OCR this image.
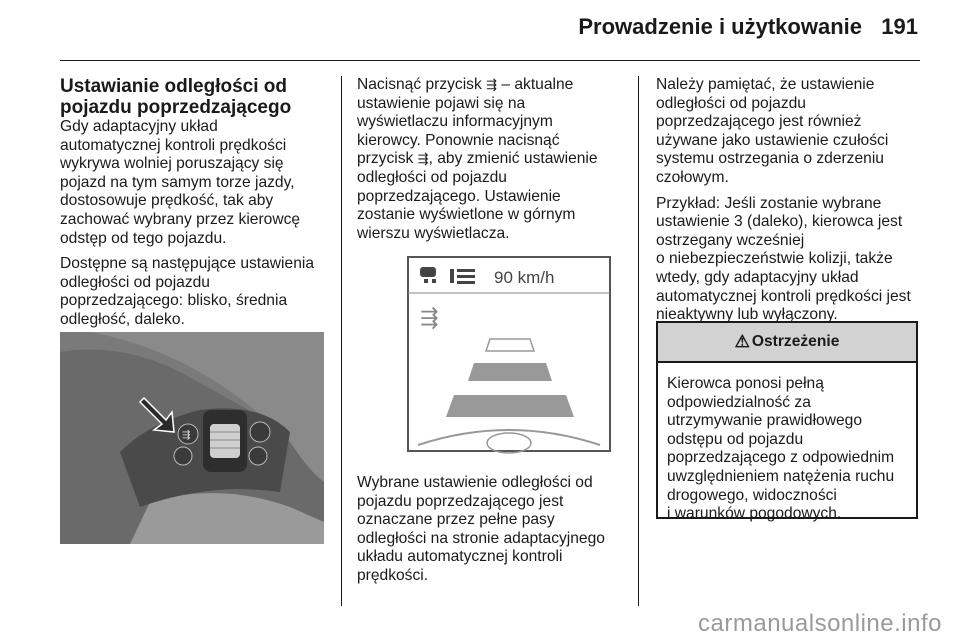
Prowadzenie i użytkowanie 191
Ustawianie odległości od
pojazdu poprzedzającego

Gdy adaptacyjny układ
automatycznej kontroli prędkości
wykrywa wolniej poruszający się
pojazd na tym samym torze jazdy,
dostosowuje prędkość, tak aby
zachować wybrany przez kierowcę
odstęp od tego pojazdu.

Dostępne są następujące ustawienia
odległości od pojazdu
poprzedzającego: blisko, średnia
odległość, daleko.

⇶

Nacisnąć przycisk ⇶ – aktualne
ustawienie pojawi się na
wyświetlaczu informacyjnym
kierowcy. Ponownie nacisnąć
przycisk ⇶, aby zmienić ustawienie
odległości od pojazdu
poprzedzającego. Ustawienie
zostanie wyświetlone w górnym
wierszu wyświetlacza.

90 km/h
⇶

Wybrane ustawienie odległości od
pojazdu poprzedzającego jest
oznaczane przez pełne pasy
odległości na stronie adaptacyjnego
układu automatycznej kontroli
prędkości.

Należy pamiętać, że ustawienie
odległości od pojazdu
poprzedzającego jest również
używane jako ustawienie czułości
systemu ostrzegania o zderzeniu
czołowym.

Przykład: Jeśli zostanie wybrane
ustawienie 3 (daleko), kierowca jest
ostrzegany wcześniej
o niebezpieczeństwie kolizji, także
wtedy, gdy adaptacyjny układ
automatycznej kontroli prędkości jest
nieaktywny lub wyłączony.

⚠ Ostrzeżenie
Kierowca ponosi pełną
odpowiedzialność za
utrzymywanie prawidłowego
odstępu od pojazdu
poprzedzającego z odpowiednim
uwzględnieniem natężenia ruchu
drogowego, widoczności
i warunków pogodowych.
carmanualsonline.info
